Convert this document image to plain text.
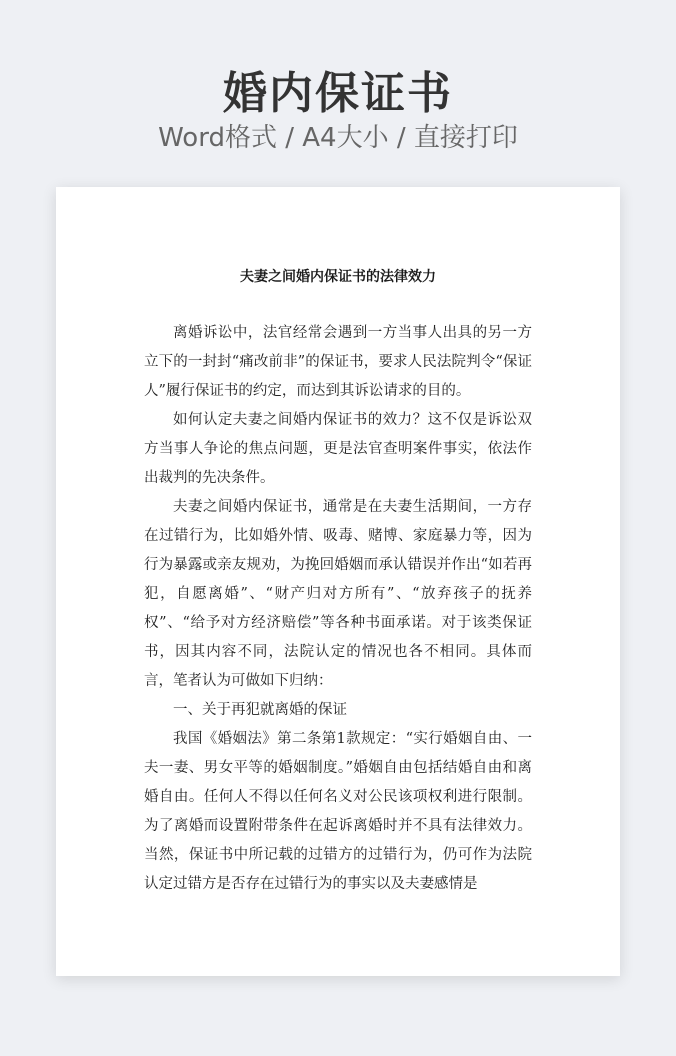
婚内保证书
Word格式 / A4大小 / 直接打印
夫妻之间婚内保证书的法律效力

离婚诉讼中，法官经常会遇到一方当事人出具的另一方立下的一封封“痛改前非”的保证书，要求人民法院判令“保证人”履行保证书的约定，而达到其诉讼请求的目的。

如何认定夫妻之间婚内保证书的效力？这不仅是诉讼双方当事人争论的焦点问题，更是法官查明案件事实，依法作出裁判的先决条件。

夫妻之间婚内保证书，通常是在夫妻生活期间，一方存在过错行为，比如婚外情、吸毒、赌博、家庭暴力等，因为行为暴露或亲友规劝，为挽回婚姻而承认错误并作出“如若再犯，自愿离婚”、“财产归对方所有”、“放弃孩子的抚养权”、“给予对方经济赔偿”等各种书面承诺。对于该类保证书，因其内容不同，法院认定的情况也各不相同。具体而言，笔者认为可做如下归纳：

一、关于再犯就离婚的保证

我国《婚姻法》第二条第1款规定：“实行婚姻自由、一夫一妻、男女平等的婚姻制度。”婚姻自由包括结婚自由和离婚自由。任何人不得以任何名义对公民该项权利进行限制。为了离婚而设置附带条件在起诉离婚时并不具有法律效力。当然，保证书中所记载的过错方的过错行为，仍可作为法院认定过错方是否存在过错行为的事实以及夫妻感情是
